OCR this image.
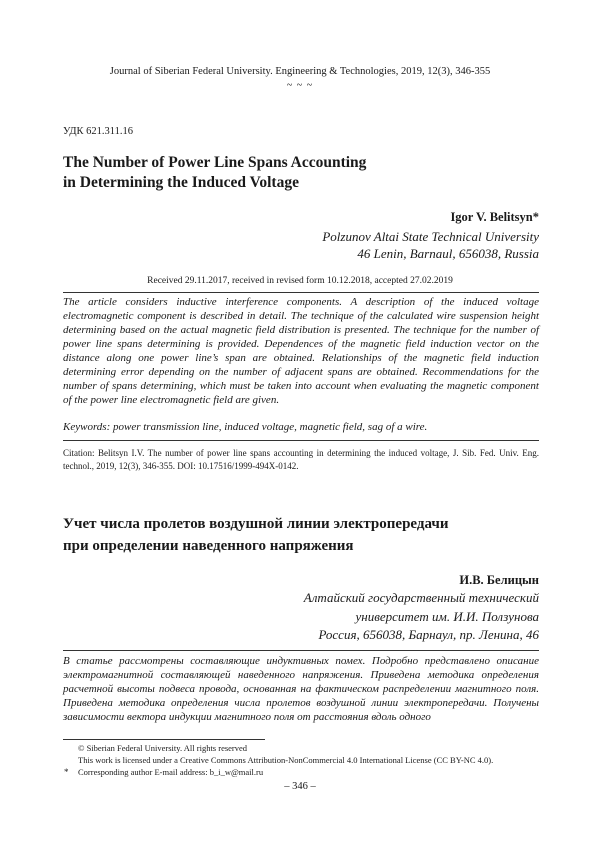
Journal of Siberian Federal University. Engineering & Technologies, 2019, 12(3), 346-355
~ ~ ~
УДК 621.311.16
The Number of Power Line Spans Accounting
in Determining the Induced Voltage
Igor V. Belitsyn*
Polzunov Altai State Technical University
46 Lenin, Barnaul, 656038, Russia
Received 29.11.2017, received in revised form 10.12.2018, accepted 27.02.2019
The article considers inductive interference components. A description of the induced voltage electromagnetic component is described in detail. The technique of the calculated wire suspension height determining based on the actual magnetic field distribution is presented. The technique for the number of power line spans determining is provided. Dependences of the magnetic field induction vector on the distance along one power line’s span are obtained. Relationships of the magnetic field induction determining error depending on the number of adjacent spans are obtained. Recommendations for the number of spans determining, which must be taken into account when evaluating the magnetic component of the power line electromagnetic field are given.
Keywords: power transmission line, induced voltage, magnetic field, sag of a wire.
Citation: Belitsyn I.V. The number of power line spans accounting in determining the induced voltage, J. Sib. Fed. Univ. Eng. technol., 2019, 12(3), 346-355. DOI: 10.17516/1999-494X-0142.
Учет числа пролетов воздушной линии электропередачи
при определении наведенного напряжения
И.В. Белицын
Алтайский государственный технический
университет им. И.И. Ползунова
Россия, 656038, Барнаул, пр. Ленина, 46
В статье рассмотрены составляющие индуктивных помех. Подробно представлено описание электромагнитной составляющей наведенного напряжения. Приведена методика определения расчетной высоты подвеса провода, основанная на фактическом распределении магнитного поля. Приведена методика определения числа пролетов воздушной линии электропередачи. Получены зависимости вектора индукции магнитного поля от расстояния вдоль одного
© Siberian Federal University. All rights reserved
This work is licensed under a Creative Commons Attribution-NonCommercial 4.0 International License (CC BY-NC 4.0).
* Corresponding author E-mail address: b_i_w@mail.ru
– 346 –
